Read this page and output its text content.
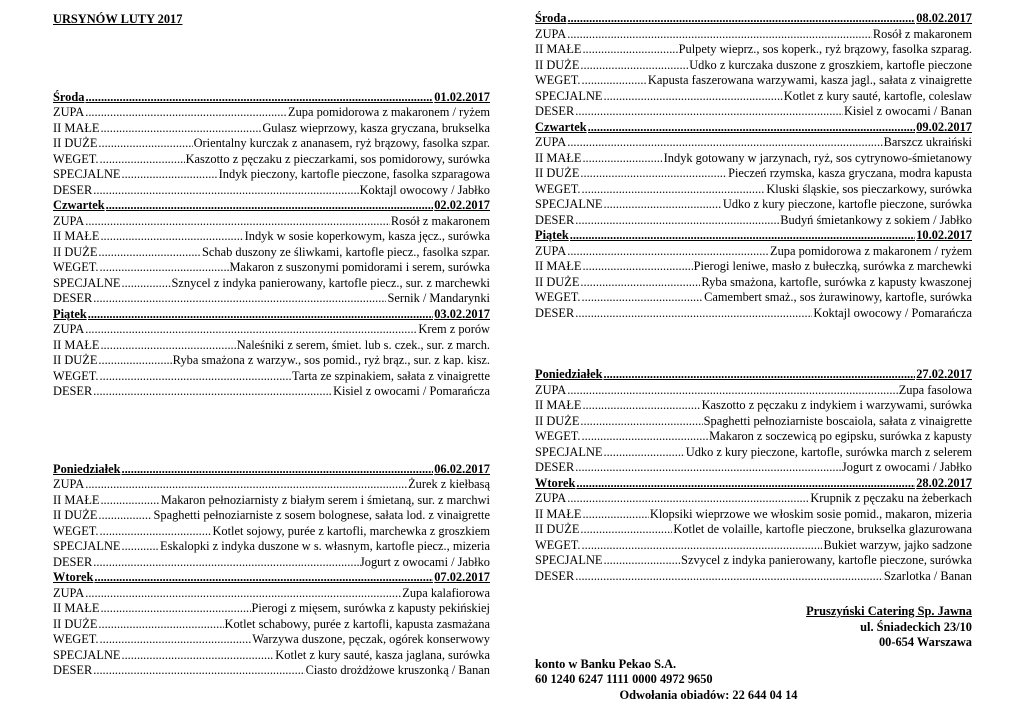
URSYNÓW LUTY 2017
Środa .....	01.02.2017
ZUPA .....	Zupa pomidorowa z makaronem / ryżem
II MAŁE .....	Gulasz wieprzowy, kasza gryczana, brukselka
II DUŻE .....	Orientalny kurczak z ananasem, ryż brązowy, fasolka szpar.
WEGET. .....	Kaszotto z pęczaku z pieczarkami, sos pomidorowy, surówka
SPECJALNE .....	Indyk pieczony, kartofle pieczone, fasolka szparagowa
DESER .....	Koktajl owocowy / Jabłko
Czwartek .....	02.02.2017
ZUPA .....	Rosół z makaronem
II MAŁE .....	Indyk w sosie koperkowym, kasza jęcz., surówka
II DUŻE .....	Schab duszony ze śliwkami, kartofle piecz., fasolka szpar.
WEGET. .....	Makaron z suszonymi pomidorami i serem, surówka
SPECJALNE .....	Sznycel z indyka panierowany, kartofle piecz., sur. z marchewki
DESER .....	Sernik / Mandarynki
Piątek .....	03.02.2017
ZUPA .....	Krem z porów
II MAŁE .....	Naleśniki z serem, śmiet. lub s. czek., sur. z march.
II DUŻE .....	Ryba smażona z warzyw., sos pomid., ryż brąz., sur. z kap. kisz.
WEGET. .....	Tarta ze szpinakiem, sałata z vinaigrette
DESER .....	Kisiel z owocami / Pomarańcza
Poniedziałek .....	06.02.2017
ZUPA .....	Żurek z kiełbasą
II MAŁE .....	Makaron pełnoziarnisty z białym serem i śmietaną, sur. z marchwi
II DUŻE .....	Spaghetti pełnoziarniste z sosem bolognese, sałata lod. z vinaigrette
WEGET. .....	Kotlet sojowy, purée z kartofli, marchewka z groszkiem
SPECJALNE .....	Eskalopki z indyka duszone w s. własnym, kartofle piecz., mizeria
DESER .....	Jogurt z owocami / Jabłko
Wtorek .....	07.02.2017
ZUPA .....	Zupa kalafiorowa
II MAŁE .....	Pierogi z mięsem, surówka z kapusty pekińskiej
II DUŻE .....	Kotlet schabowy, purée z kartofli, kapusta zasmażana
WEGET. .....	Warzywa duszone, pęczak, ogórek konserwowy
SPECJALNE .....	Kotlet z kury sauté, kasza jaglana, surówka
DESER .....	Ciasto drożdżowe kruszonką / Banan
Środa .....	08.02.2017
ZUPA .....	Rosół z makaronem
II MAŁE .....	Pulpety wieprz., sos koperk., ryż brązowy, fasolka szparag.
II DUŻE .....	Udko z kurczaka duszone z groszkiem, kartofle pieczone
WEGET. .....	Kapusta faszerowana warzywami, kasza jagl., sałata z vinaigrette
SPECJALNE .....	Kotlet z kury sauté, kartofle, coleslaw
DESER .....	Kisiel z owocami / Banan
Czwartek .....	09.02.2017
ZUPA .....	Barszcz ukraiński
II MAŁE .....	Indyk gotowany w jarzynach, ryż, sos cytrynowo-śmietanowy
II DUŻE .....	Pieczeń rzymska, kasza gryczana, modra kapusta
WEGET. .....	Kluski śląskie, sos pieczarkowy, surówka
SPECJALNE .....	Udko z kury pieczone, kartofle pieczone, surówka
DESER .....	Budyń śmietankowy z sokiem / Jabłko
Piątek .....	10.02.2017
ZUPA .....	Zupa pomidorowa z makaronem / ryżem
II MAŁE .....	Pierogi leniwe, masło z bułeczką, surówka z marchewki
II DUŻE .....	Ryba smażona, kartofle, surówka z kapusty kwaszonej
WEGET. .....	Camembert smaż., sos żurawinowy, kartofle, surówka
DESER .....	Koktajl owocowy / Pomarańcza
Poniedziałek .....	27.02.2017
ZUPA .....	Zupa fasolowa
II MAŁE .....	Kaszotto z pęczaku z indykiem i warzywami, surówka
II DUŻE .....	Spaghetti pełnoziarniste boscaiola, sałata z vinaigrette
WEGET. .....	Makaron z soczewicą po egipsku, surówka z kapusty
SPECJALNE .....	Udko z kury pieczone, kartofle, surówka march z selerem
DESER .....	Jogurt z owocami / Jabłko
Wtorek .....	28.02.2017
ZUPA .....	Krupnik z pęczaku na żeberkach
II MAŁE .....	Klopsiki wieprzowe we włoskim sosie pomid., makaron, mizeria
II DUŻE .....	Kotlet de volaille, kartofle pieczone, brukselka glazurowana
WEGET. .....	Bukiet warzyw, jajko sadzone
SPECJALNE .....	Szvycel z indyka panierowany, kartofle pieczone, surówka
DESER .....	Szarlotka / Banan
Pruszyński Catering Sp. Jawna
ul. Śniadeckich 23/10
00-654 Warszawa
konto w Banku Pekao S.A.
60 1240 6247 1111 0000 4972 9650
Odwołania obiadów: 22 644 04 14
